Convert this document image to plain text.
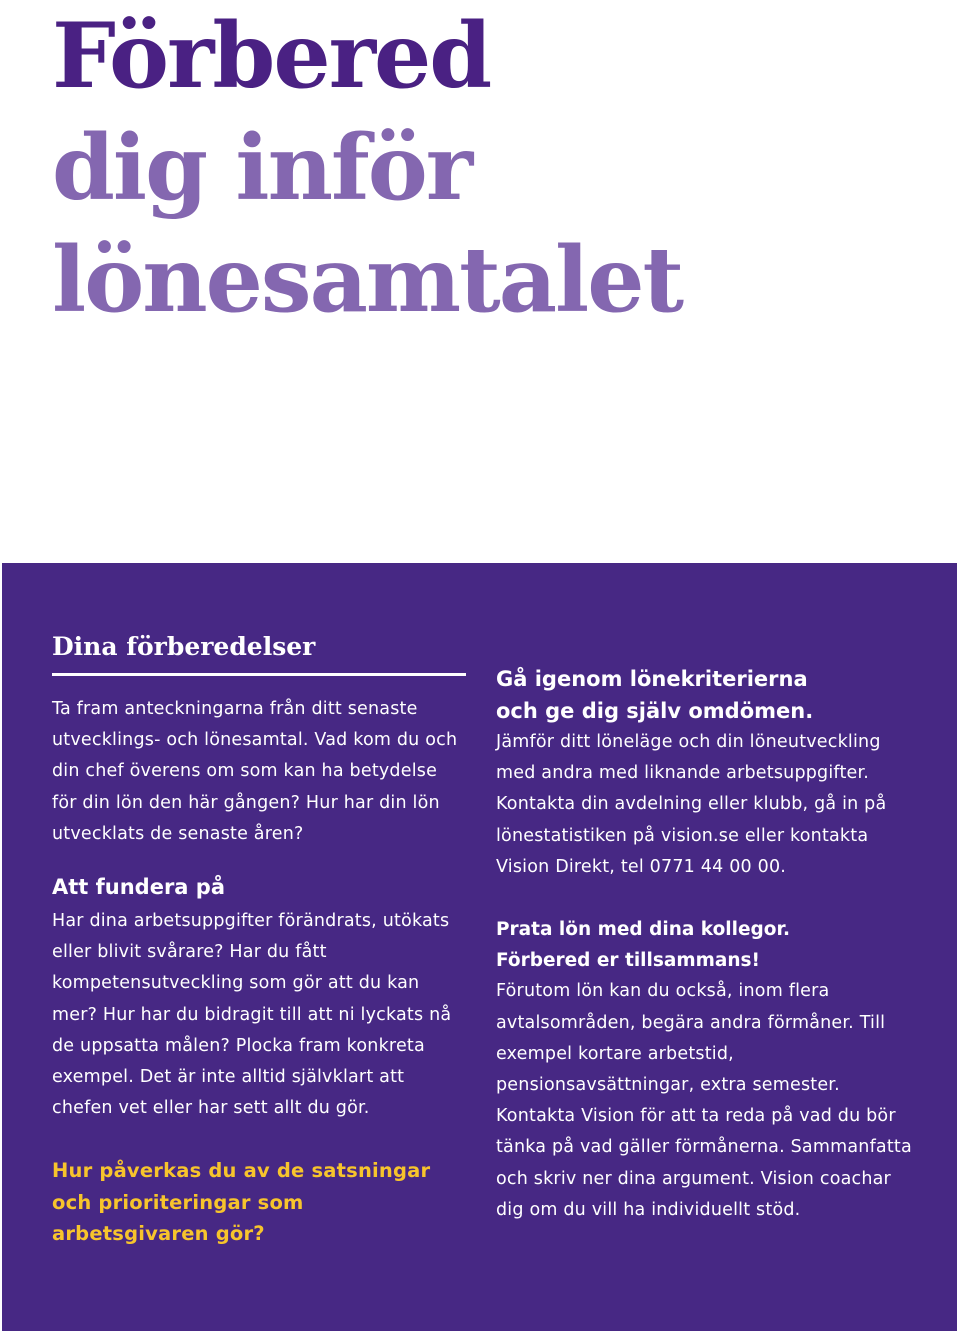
Förbered
dig inför
lönesamtalet
Dina förberedelser

Ta fram anteckningarna från ditt senaste utvecklings- och lönesamtal. Vad kom du och din chef överens om som kan ha betydelse för din lön den här gången? Hur har din lön utvecklats de senaste åren?

Att fundera på

Har dina arbetsuppgifter förändrats, utökats eller blivit svårare? Har du fått kompetensutveckling som gör att du kan mer? Hur har du bidragit till att ni lyckats nå de uppsatta målen? Plocka fram konkreta exempel. Det är inte alltid självklart att chefen vet eller har sett allt du gör.

Hur påverkas du av de satsningar och prioriteringar som arbetsgivaren gör?

Gå igenom lönekriterierna
och ge dig själv omdömen.

Jämför ditt löneläge och din löneutveckling med andra med liknande arbetsuppgifter. Kontakta din avdelning eller klubb, gå in på lönestatistiken på vision.se eller kontakta Vision Direkt, tel 0771 44 00 00.

Prata lön med dina kollegor.
Förbered er tillsammans!

Förutom lön kan du också, inom flera avtalsområden, begära andra förmåner. Till exempel kortare arbetstid, pensionsavsättningar, extra semester. Kontakta Vision för att ta reda på vad du bör tänka på vad gäller förmånerna. Sammanfatta och skriv ner dina argument. Vision coachar dig om du vill ha individuellt stöd.
